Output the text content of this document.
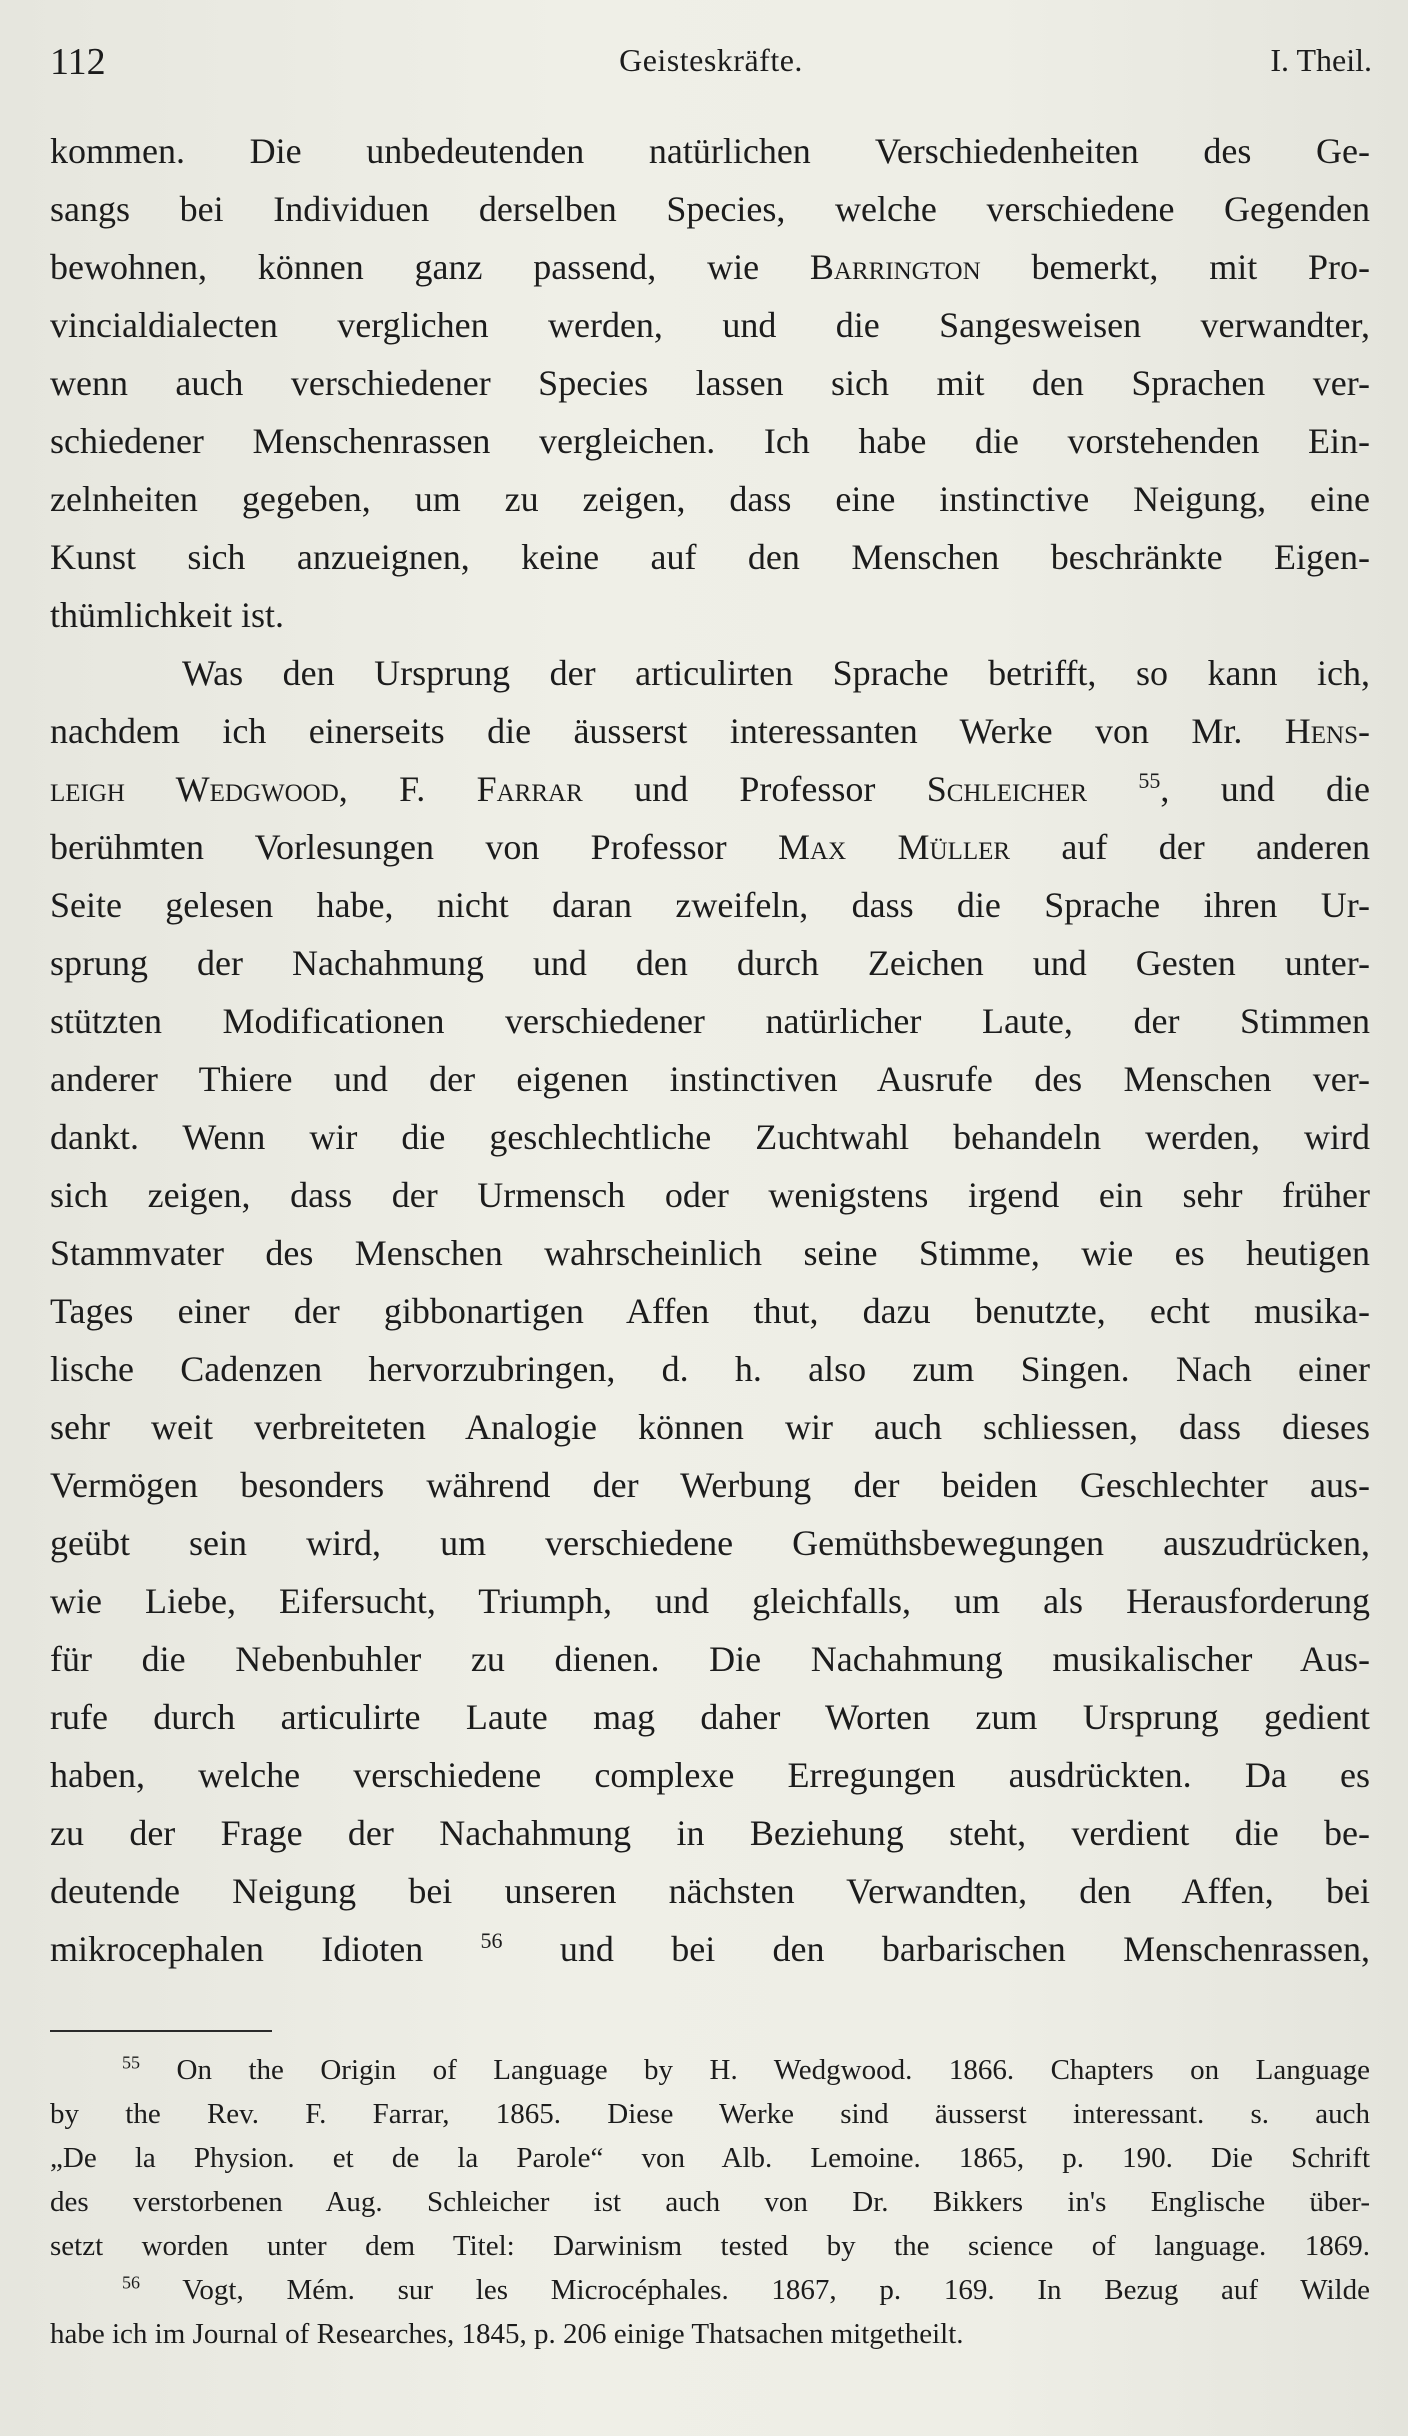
112	Geisteskräfte.	I. Theil.
kommen. Die unbedeutenden natürlichen Verschiedenheiten des Ge-
sangs bei Individuen derselben Species, welche verschiedene Gegenden
bewohnen, können ganz passend, wie Barrington bemerkt, mit Pro-
vincialdialecten verglichen werden, und die Sangesweisen verwandter,
wenn auch verschiedener Species lassen sich mit den Sprachen ver-
schiedener Menschenrassen vergleichen. Ich habe die vorstehenden Ein-
zelnheiten gegeben, um zu zeigen, dass eine instinctive Neigung, eine
Kunst sich anzueignen, keine auf den Menschen beschränkte Eigen-
thümlichkeit ist.
Was den Ursprung der articulirten Sprache betrifft, so kann ich,
nachdem ich einerseits die äusserst interessanten Werke von Mr. Hens-
leigh Wedgwood, F. Farrar und Professor Schleicher $^{55}$, und die
berühmten Vorlesungen von Professor Max Müller auf der anderen
Seite gelesen habe, nicht daran zweifeln, dass die Sprache ihren Ur-
sprung der Nachahmung und den durch Zeichen und Gesten unter-
stützten Modificationen verschiedener natürlicher Laute, der Stimmen
anderer Thiere und der eigenen instinctiven Ausrufe des Menschen ver-
dankt. Wenn wir die geschlechtliche Zuchtwahl behandeln werden, wird
sich zeigen, dass der Urmensch oder wenigstens irgend ein sehr früher
Stammvater des Menschen wahrscheinlich seine Stimme, wie es heutigen
Tages einer der gibbonartigen Affen thut, dazu benutzte, echt musika-
lische Cadenzen hervorzubringen, d. h. also zum Singen. Nach einer
sehr weit verbreiteten Analogie können wir auch schliessen, dass dieses
Vermögen besonders während der Werbung der beiden Geschlechter aus-
geübt sein wird, um verschiedene Gemüthsbewegungen auszudrücken,
wie Liebe, Eifersucht, Triumph, und gleichfalls, um als Herausforderung
für die Nebenbuhler zu dienen. Die Nachahmung musikalischer Aus-
rufe durch articulirte Laute mag daher Worten zum Ursprung gedient
haben, welche verschiedene complexe Erregungen ausdrückten. Da es
zu der Frage der Nachahmung in Beziehung steht, verdient die be-
deutende Neigung bei unseren nächsten Verwandten, den Affen, bei
mikrocephalen Idioten $^{56}$ und bei den barbarischen Menschenrassen,
$^{55}$ On the Origin of Language by H. Wedgwood. 1866. Chapters on Language
by the Rev. F. Farrar, 1865. Diese Werke sind äusserst interessant. s. auch
„De la Physion. et de la Parole“ von Alb. Lemoine. 1865, p. 190. Die Schrift
des verstorbenen Aug. Schleicher ist auch von Dr. Bikkers in's Englische über-
setzt worden unter dem Titel: Darwinism tested by the science of language. 1869.
$^{56}$ Vogt, Mém. sur les Microcéphales. 1867, p. 169. In Bezug auf Wilde
habe ich im Journal of Researches, 1845, p. 206 einige Thatsachen mitgetheilt.
